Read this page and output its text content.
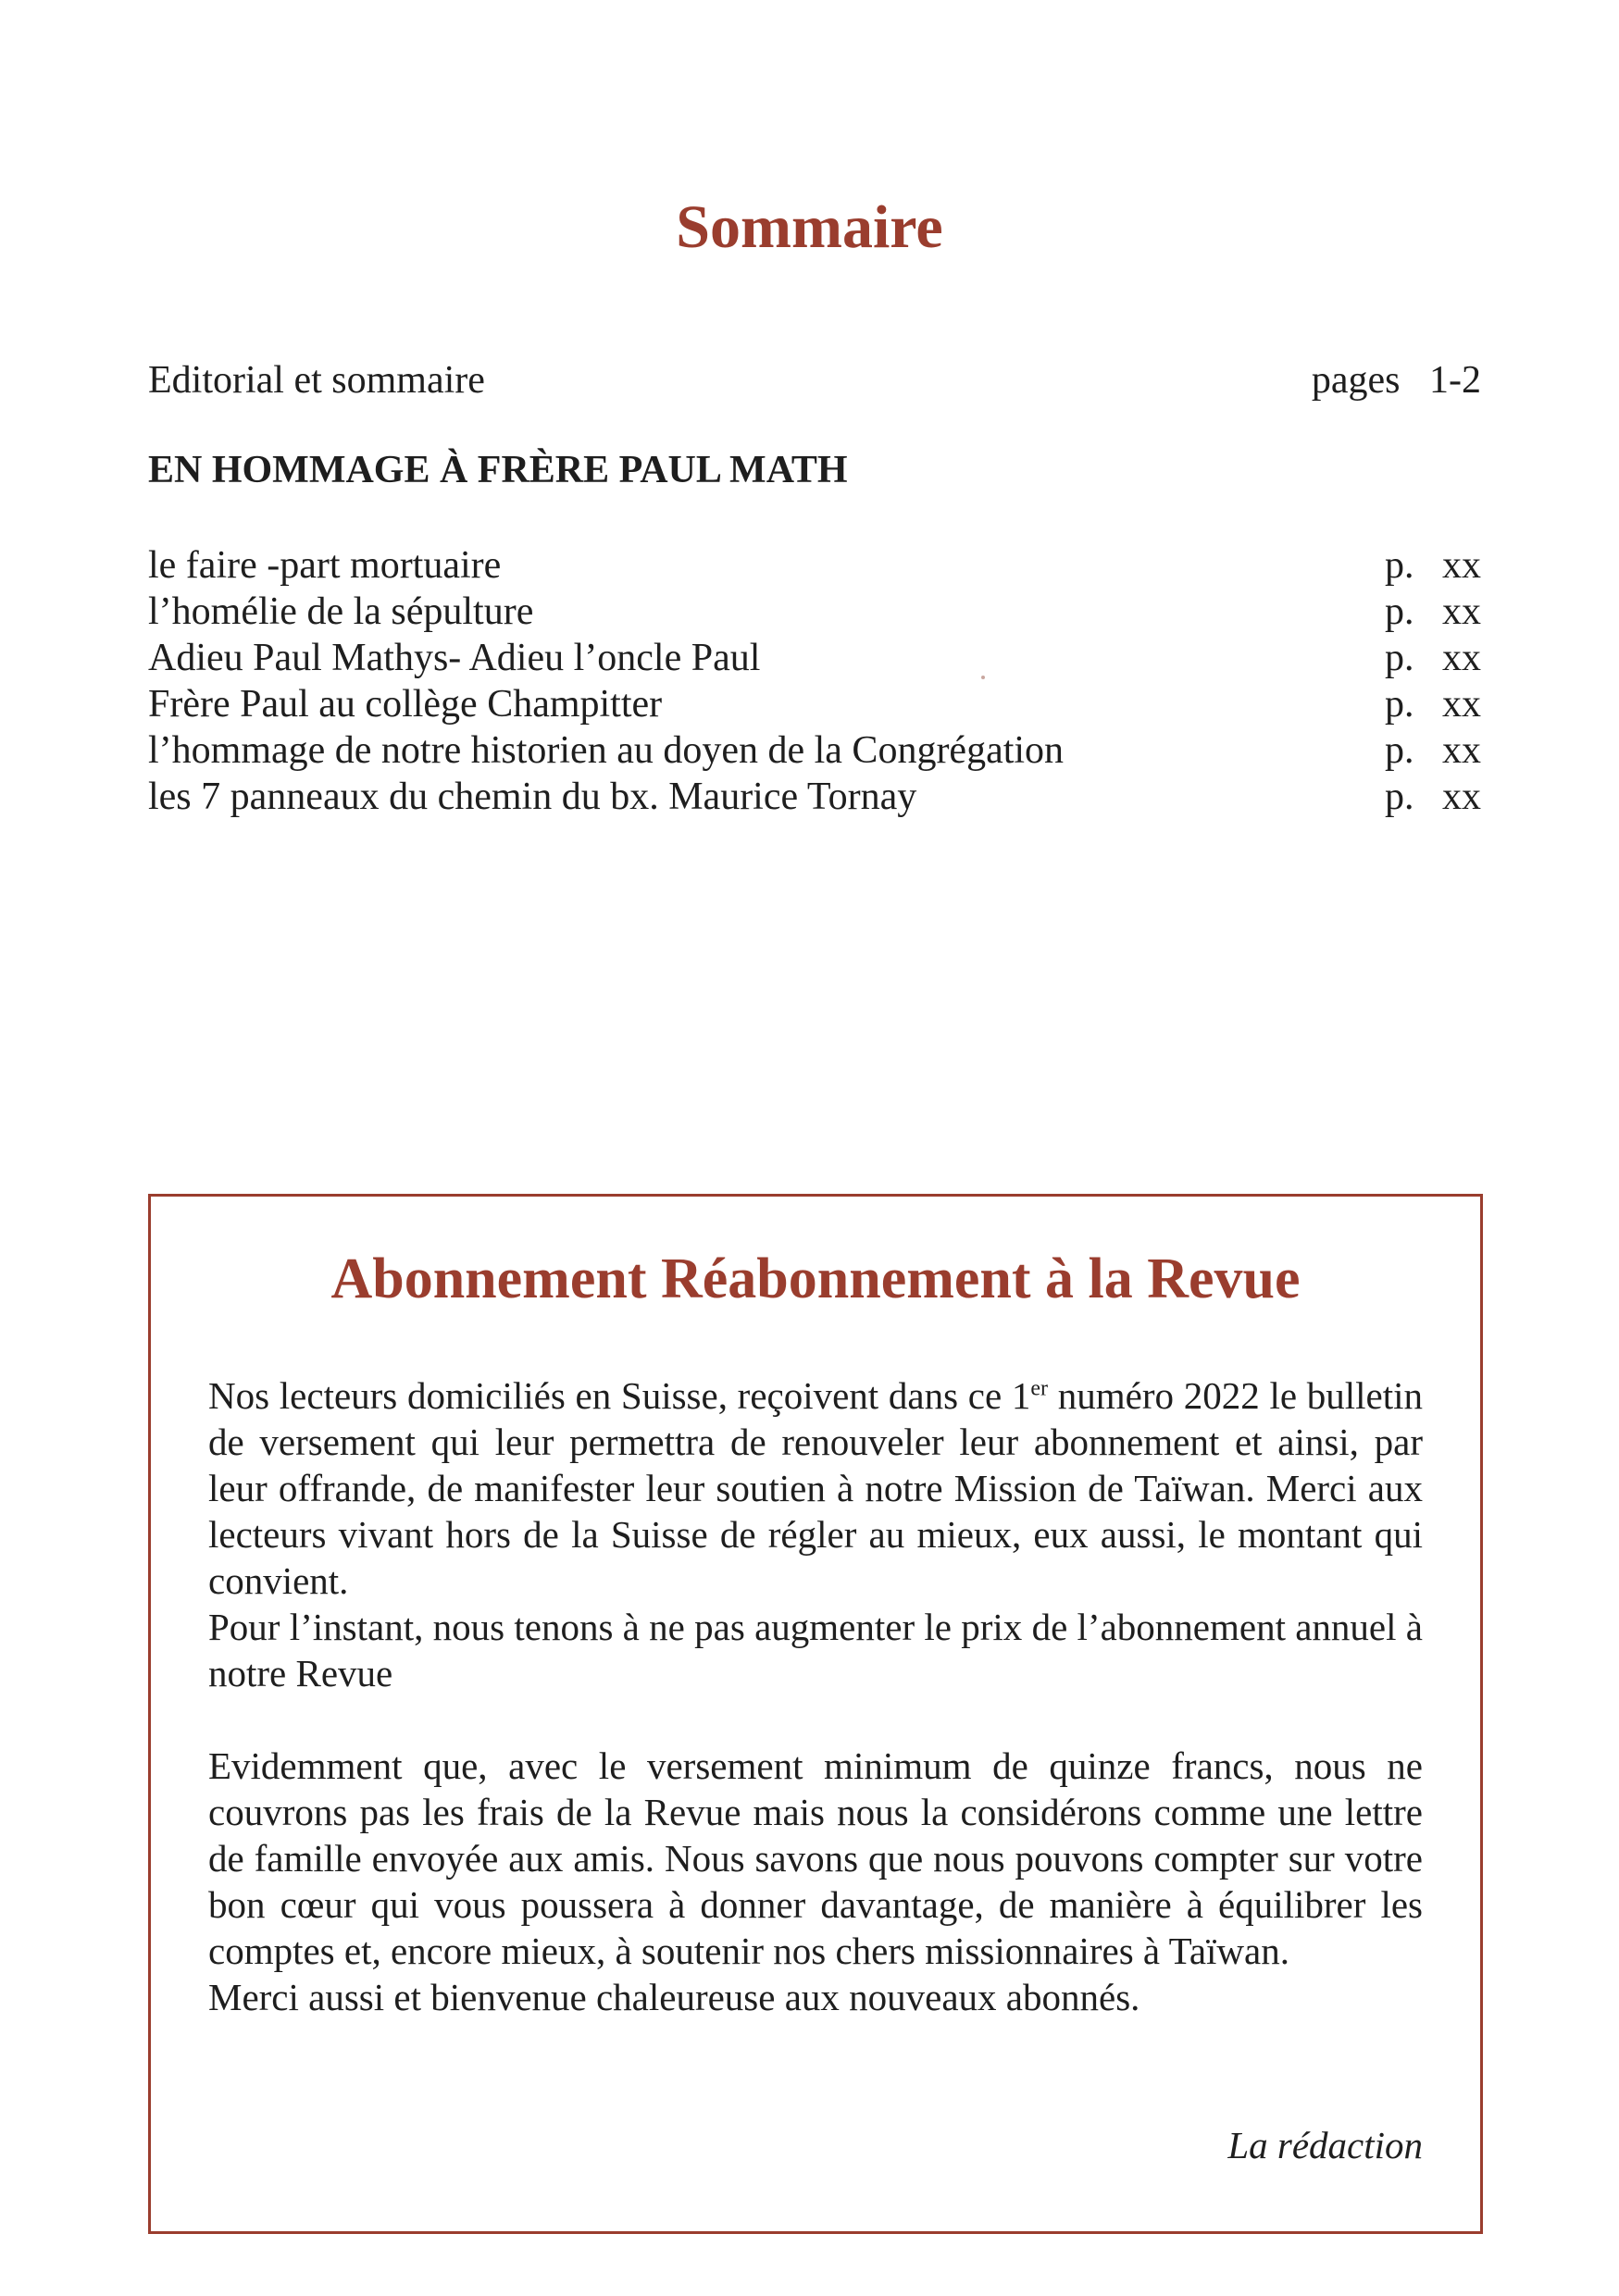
Sommaire
Editorial et sommaire	pages 1-2
EN HOMMAGE À FRÈRE PAUL MATH
le faire -part mortuaire	p. xx
l’homélie de la sépulture	p. xx
Adieu Paul Mathys- Adieu l’oncle Paul	p. xx
Frère Paul au collège Champitter	p. xx
l’hommage de notre historien au doyen de la Congrégation	p. xx
les 7 panneaux du chemin du bx. Maurice Tornay	p. xx
Abonnement Réabonnement à la Revue

Nos lecteurs domiciliés en Suisse, reçoivent dans ce 1er numéro 2022 le bulletin de versement qui leur permettra de renouveler leur abonnement et ainsi, par leur offrande, de manifester leur soutien à notre Mission de Taïwan. Merci aux lecteurs vivant hors de la Suisse de régler au mieux, eux aussi, le montant qui convient.

Pour l’instant, nous tenons à ne pas augmenter le prix de l’abonnement annuel à notre Revue

Evidemment que, avec le versement minimum de quinze francs, nous ne couvrons pas les frais de la Revue mais nous la considérons comme une lettre de famille envoyée aux amis. Nous savons que nous pouvons compter sur votre bon cœur qui vous poussera à donner davantage, de manière à équilibrer les comptes et, encore mieux, à soutenir nos chers missionnaires à Taïwan.

Merci aussi et bienvenue chaleureuse aux nouveaux abonnés.

La rédaction
